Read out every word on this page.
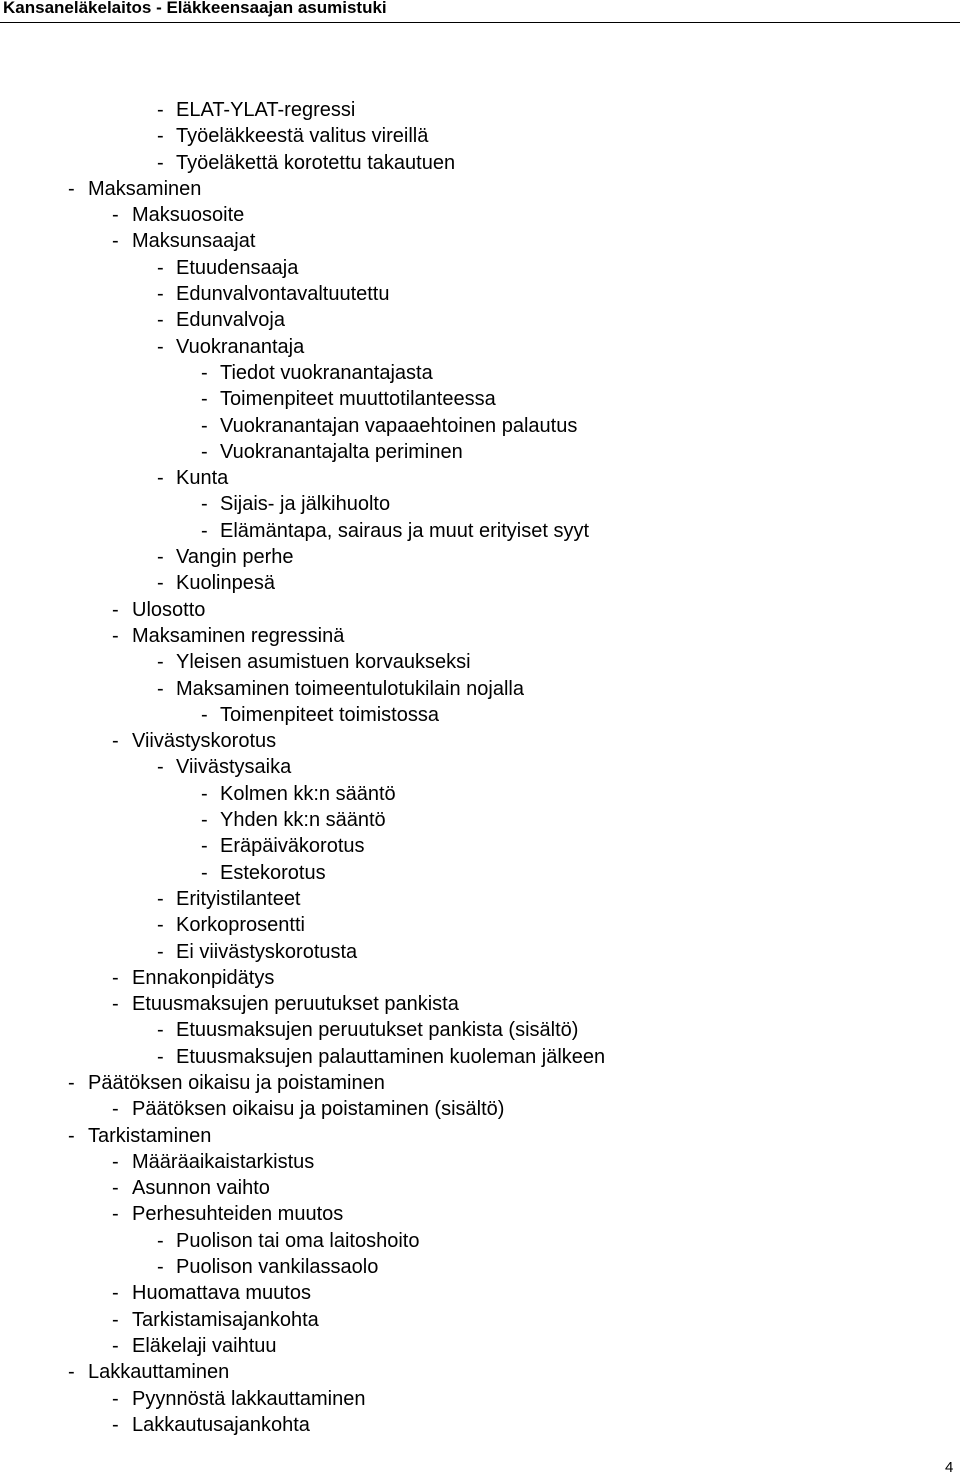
Kansaneläkelaitos - Eläkkeensaajan asumistuki
- ELAT-YLAT-regressi
- Työeläkkeestä valitus vireillä
- Työeläkettä korotettu takautuen
- Maksaminen
- Maksuosoite
- Maksunsaajat
- Etuudensaaja
- Edunvalvontavaltuutettu
- Edunvalvoja
- Vuokranantaja
- Tiedot vuokranantajasta
- Toimenpiteet muuttotilanteessa
- Vuokranantajan vapaaehtoinen palautus
- Vuokranantajalta periminen
- Kunta
- Sijais- ja jälkihuolto
- Elämäntapa, sairaus ja muut erityiset syyt
- Vangin perhe
- Kuolinpesä
- Ulosotto
- Maksaminen regressinä
- Yleisen asumistuen korvaukseksi
- Maksaminen toimeentulotukilain nojalla
- Toimenpiteet toimistossa
- Viivästyskorotus
- Viivästysaika
- Kolmen kk:n sääntö
- Yhden kk:n sääntö
- Eräpäiväkorotus
- Estekorotus
- Erityistilanteet
- Korkoprosentti
- Ei viivästyskorotusta
- Ennakonpidätys
- Etuusmaksujen peruutukset pankista
- Etuusmaksujen peruutukset pankista (sisältö)
- Etuusmaksujen palauttaminen kuoleman jälkeen
- Päätöksen oikaisu ja poistaminen
- Päätöksen oikaisu ja poistaminen (sisältö)
- Tarkistaminen
- Määräaikaistarkistus
- Asunnon vaihto
- Perhesuhteiden muutos
- Puolison tai oma laitoshoito
- Puolison vankilassaolo
- Huomattava muutos
- Tarkistamisajankohta
- Eläkelaji vaihtuu
- Lakkauttaminen
- Pyynnöstä lakkauttaminen
- Lakkautusajankohta
4
